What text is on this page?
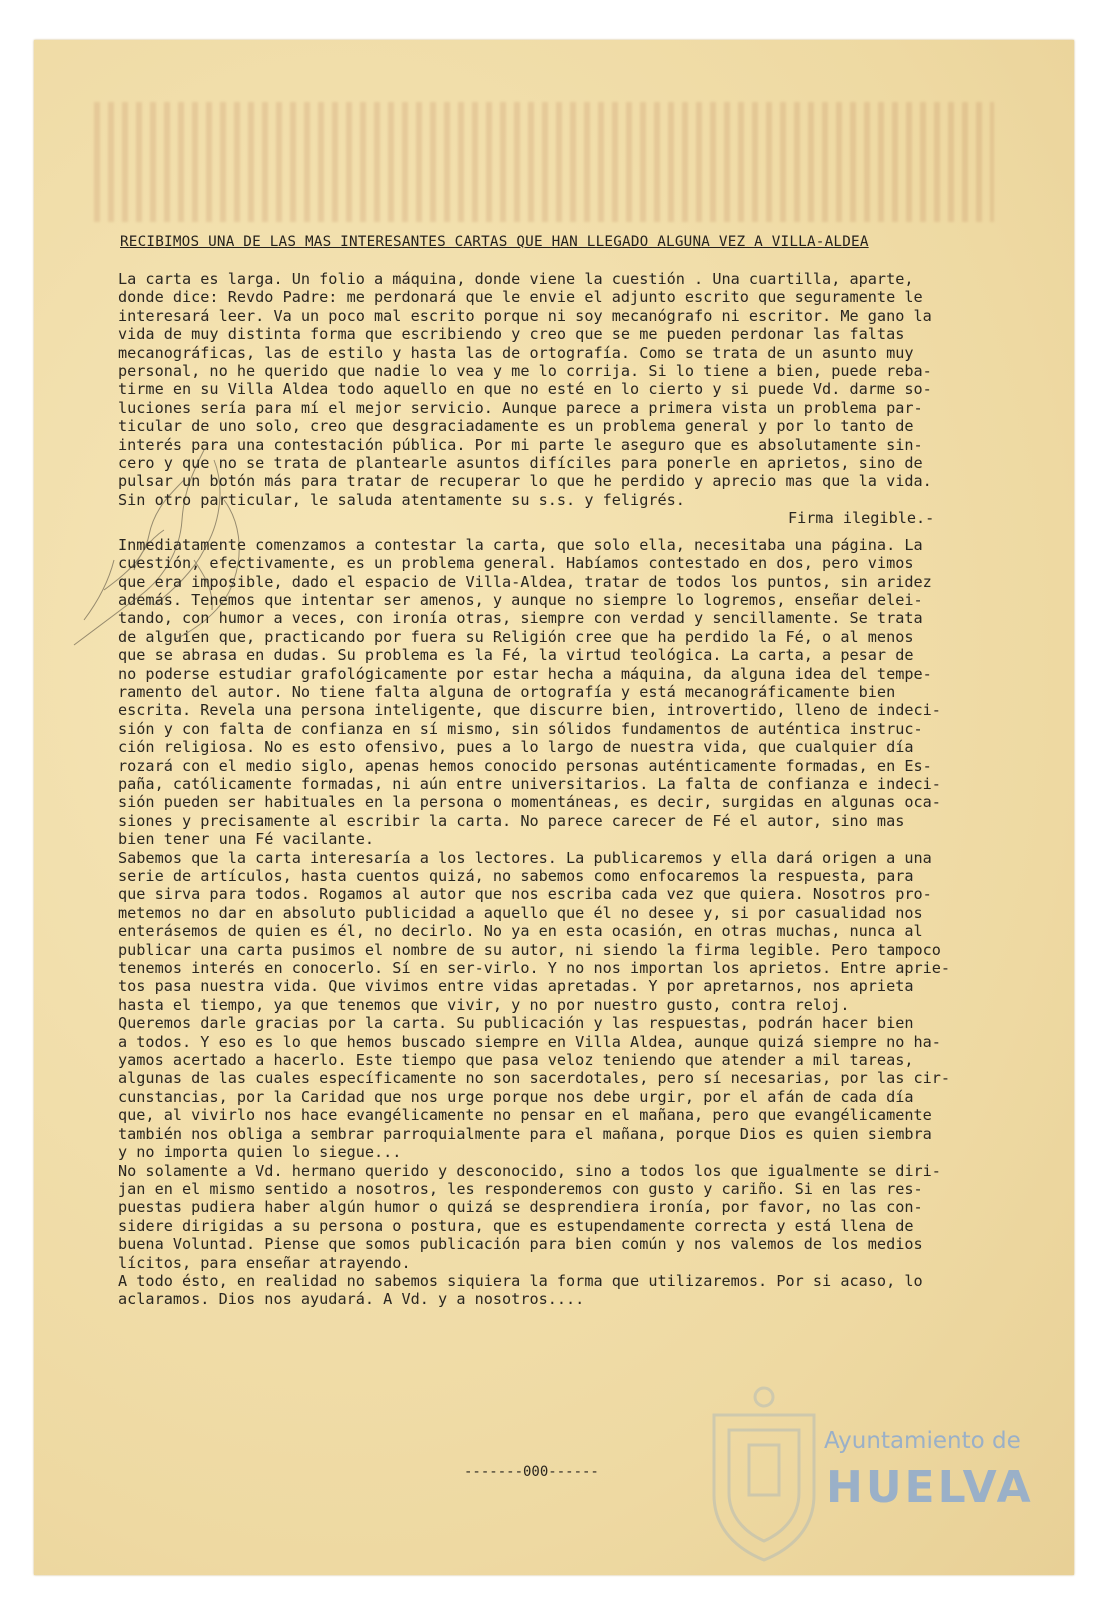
RECIBIMOS UNA DE LAS MAS INTERESANTES CARTAS QUE HAN LLEGADO ALGUNA VEZ A VILLA-ALDEA
La carta es larga. Un folio a máquina, donde viene la cuestión . Una cuartilla, aparte,
donde dice: Revdo Padre: me perdonará que le envie el adjunto escrito que seguramente le
interesará leer. Va un poco mal escrito porque ni soy mecanógrafo ni escritor. Me gano la
vida de muy distinta forma que escribiendo y creo que se me pueden perdonar las faltas
mecanográficas, las de estilo y hasta las de ortografía. Como se trata de un asunto muy
personal, no he querido que nadie lo vea y me lo corrija. Si lo tiene a bien, puede reba-
tirme en su Villa Aldea todo aquello en que no esté en lo cierto y si puede Vd. darme so-
luciones sería para mí el mejor servicio. Aunque parece a primera vista un problema par-
ticular de uno solo, creo que desgraciadamente es un problema general y por lo tanto de
interés para una contestación pública. Por mi parte le aseguro que es absolutamente sin-
cero y que no se trata de plantearle asuntos difíciles para ponerle en aprietos, sino de
pulsar un botón más para tratar de recuperar lo que he perdido y aprecio mas que la vida.
Sin otro particular, le saluda atentamente su s.s. y feligrés.
Firma ilegible.-
Inmediatamente comenzamos a contestar la carta, que solo ella, necesitaba una página. La
cuestión, efectivamente, es un problema general. Habíamos contestado en dos, pero vimos
que era imposible, dado el espacio de Villa-Aldea, tratar de todos los puntos, sin aridez
además. Tenemos que intentar ser amenos, y aunque no siempre lo logremos, enseñar delei-
tando, con humor a veces, con ironía otras, siempre con verdad y sencillamente. Se trata
de alguien que, practicando por fuera su Religión cree que ha perdido la Fé, o al menos
que se abrasa en dudas. Su problema es la Fé, la virtud teológica. La carta, a pesar de
no poderse estudiar grafológicamente por estar hecha a máquina, da alguna idea del tempe-
ramento del autor. No tiene falta alguna de ortografía y está mecanográficamente bien
escrita. Revela una persona inteligente, que discurre bien, introvertido, lleno de indeci-
sión y con falta de confianza en sí mismo, sin sólidos fundamentos de auténtica instruc-
ción religiosa. No es esto ofensivo, pues a lo largo de nuestra vida, que cualquier día
rozará con el medio siglo, apenas hemos conocido personas auténticamente formadas, en Es-
paña, católicamente formadas, ni aún entre universitarios. La falta de confianza e indeci-
sión pueden ser habituales en la persona o momentáneas, es decir, surgidas en algunas oca-
siones y precisamente al escribir la carta. No parece carecer de Fé el autor, sino mas
bien tener una Fé vacilante.
Sabemos que la carta interesaría a los lectores. La publicaremos y ella dará origen a una
serie de artículos, hasta cuentos quizá, no sabemos como enfocaremos la respuesta, para
que sirva para todos. Rogamos al autor que nos escriba cada vez que quiera. Nosotros pro-
metemos no dar en absoluto publicidad a aquello que él no desee y, si por casualidad nos
enterásemos de quien es él, no decirlo. No ya en esta ocasión, en otras muchas, nunca al
publicar una carta pusimos el nombre de su autor, ni siendo la firma legible. Pero tampoco
tenemos interés en conocerlo. Sí en ser-virlo. Y no nos importan los aprietos. Entre aprie-
tos pasa nuestra vida. Que vivimos entre vidas apretadas. Y por apretarnos, nos aprieta
hasta el tiempo, ya que tenemos que vivir, y no por nuestro gusto, contra reloj.
Queremos darle gracias por la carta. Su publicación y las respuestas, podrán hacer bien
a todos. Y eso es lo que hemos buscado siempre en Villa Aldea, aunque quizá siempre no ha-
yamos acertado a hacerlo. Este tiempo que pasa veloz teniendo que atender a mil tareas,
algunas de las cuales específicamente no son sacerdotales, pero sí necesarias, por las cir-
cunstancias, por la Caridad que nos urge porque nos debe urgir, por el afán de cada día
que, al vivirlo nos hace evangélicamente no pensar en el mañana, pero que evangélicamente
también nos obliga a sembrar parroquialmente para el mañana, porque Dios es quien siembra
y no importa quien lo siegue...
No solamente a Vd. hermano querido y desconocido, sino a todos los que igualmente se diri-
jan en el mismo sentido a nosotros, les responderemos con gusto y cariño. Si en las res-
puestas pudiera haber algún humor o quizá se desprendiera ironía, por favor, no las con-
sidere dirigidas a su persona o postura, que es estupendamente correcta y está llena de
buena Voluntad. Piense que somos publicación para bien común y nos valemos de los medios
lícitos, para enseñar atrayendo.
A todo ésto, en realidad no sabemos siquiera la forma que utilizaremos. Por si acaso, lo
aclaramos. Dios nos ayudará. A Vd. y a nosotros....
-------000------
Ayuntamiento de
HUELVA
